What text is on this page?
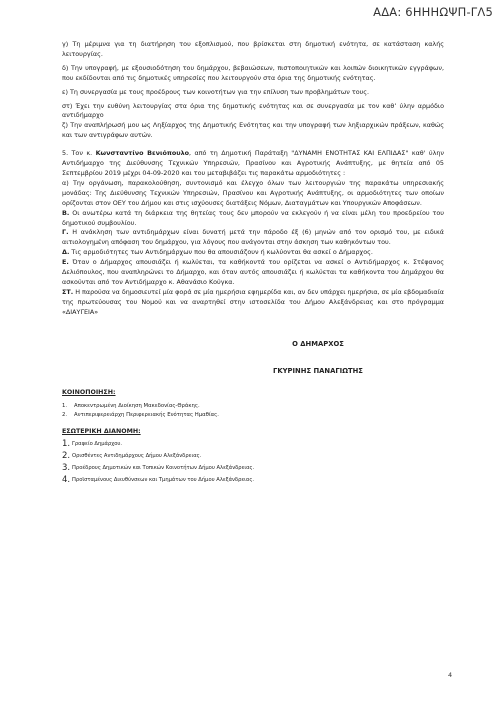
ΑΔΑ: 6ΗΗΗΩΨΠ-ΓΛ5

γ) Τη μέριμνα για τη διατήρηση του εξοπλισμού, που βρίσκεται στη δημοτική ενότητα, σε κατάσταση καλής λειτουργίας.

δ) Την υπογραφή, με εξουσιοδότηση του δημάρχου, βεβαιώσεων, πιστοποιητικών και λοιπών διοικητικών εγγράφων, που εκδίδονται από τις δημοτικές υπηρεσίες που λειτουργούν στα όρια της δημοτικής ενότητας.

ε) Τη συνεργασία με τους προέδρους των κοινοτήτων για την επίλυση των προβλημάτων τους.

στ) Έχει την ευθύνη λειτουργίας στα όρια της δημοτικής ενότητας και σε συνεργασία με τον καθ’ ύλην αρμόδιο αντιδήμαρχο

ζ) Την αναπλήρωσή μου ως Ληξίαρχος της Δημοτικής Ενότητας και την υπογραφή των ληξιαρχικών πράξεων, καθώς και των αντιγράφων αυτών.

5. Τον κ. Κωνσταντίνο Βενιόπουλο, από τη Δημοτική Παράταξη "ΔΥΝΑΜΗ ΕΝΟΤΗΤΑΣ ΚΑΙ ΕΛΠΙΔΑΣ" καθ' ύλην Αντιδήμαρχο της Διεύθυνσης Τεχνικών Υπηρεσιών, Πρασίνου και Αγροτικής Ανάπτυξης, με θητεία από 05 Σεπτεμβρίου 2019 μέχρι 04-09-2020 και του μεταβιβάζει τις παρακάτω αρμοδιότητες :

α) Την οργάνωση, παρακολούθηση, συντονισμό και έλεγχο όλων των λειτουργιών της παρακάτω υπηρεσιακής μονάδας: Της Διεύθυνσης Τεχνικών Υπηρεσιών, Πρασίνου και Αγροτικής Ανάπτυξης, οι αρμοδιότητες των οποίων ορίζονται στον ΟΕΥ του Δήμου και στις ισχύουσες διατάξεις Νόμων, Διαταγμάτων και Υπουργικών Αποφάσεων.

Β. Οι ανωτέρω κατά τη διάρκεια της θητείας τους δεν μπορούν να εκλεγούν ή να είναι μέλη του προεδρείου του δημοτικού συμβουλίου.

Γ. Η ανάκληση των αντιδημάρχων είναι δυνατή μετά την πάροδο έξ (6) μηνών από τον ορισμό του, με ειδικά αιτιολογημένη απόφαση του δημάρχου, για λόγους που ανάγονται στην άσκηση των καθηκόντων του.

Δ. Τις αρμοδιότητες των Αντιδημάρχων που θα απουσιάζουν ή κωλύονται θα ασκεί ο Δήμαρχος.

Ε. Όταν ο Δήμαρχος απουσιάζει ή κωλύεται, τα καθήκοντά του ορίζεται να ασκεί ο Αντιδήμαρχος κ. Στέφανος Δελιόπουλος, που αναπληρώνει το Δήμαρχο, και όταν αυτός απουσιάζει ή κωλύεται τα καθήκοντα του Δημάρχου θα ασκούνται από τον Αντιδήμαρχο κ. Αθανάσιο Κούγκα.

ΣΤ. Η παρούσα να δημοσιευτεί μία φορά σε μία ημερήσια εφημερίδα και, αν δεν υπάρχει ημερήσια, σε μία εβδομαδιαία της πρωτεύουσας του Νομού και να αναρτηθεί στην ιστοσελίδα του Δήμου Αλεξάνδρειας και στο πρόγραμμα «ΔΙΑΥΓΕΙΑ»

Ο ΔΗΜΑΡΧΟΣ

ΓΚΥΡΙΝΗΣ ΠΑΝΑΓΙΩΤΗΣ

ΚΟΙΝΟΠΟΙΗΣΗ:

1.	Αποκεντρωμένη Διοίκηση Μακεδονίας-Θράκης.
2.	Αντιπεριφερειάρχη Περιφερειακής Ενότητας Ημαθίας.

ΕΣΩΤΕΡΙΚΗ ΔΙΑΝΟΜΗ:

1. Γραφείο Δημάρχου.
2. Ορισθέντες Αντιδημάρχους Δήμου Αλεξάνδρειας.
3. Προέδρους Δημοτικών και Τοπικών Κοινοτήτων Δήμου Αλεξάνδρειας.
4. Προϊσταμένους Διευθύνσεων και Τμημάτων του Δήμου Αλεξάνδρειας.
4
